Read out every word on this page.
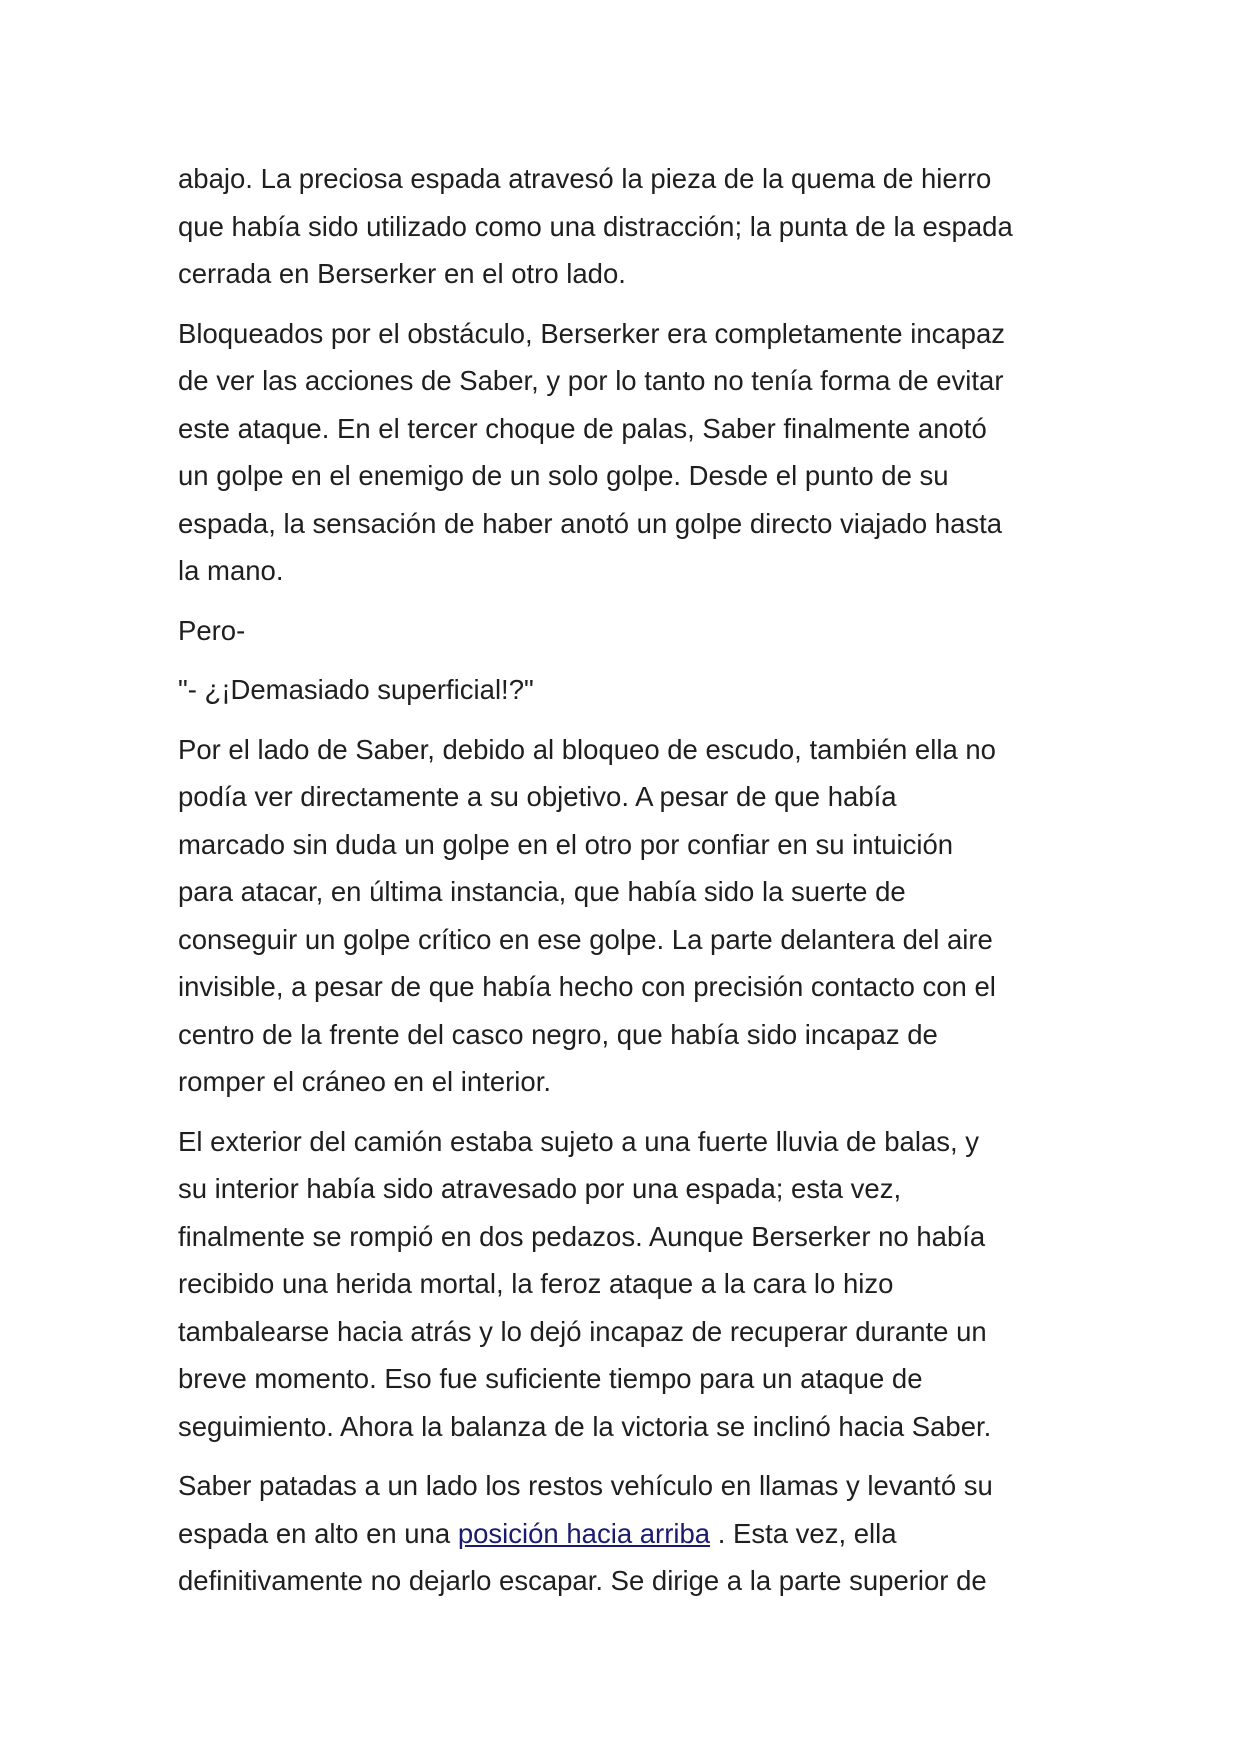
abajo. La preciosa espada atravesó la pieza de la quema de hierro
que había sido utilizado como una distracción; la punta de la espada
cerrada en Berserker en el otro lado.

Bloqueados por el obstáculo, Berserker era completamente incapaz
de ver las acciones de Saber, y por lo tanto no tenía forma de evitar
este ataque. En el tercer choque de palas, Saber finalmente anotó
un golpe en el enemigo de un solo golpe. Desde el punto de su
espada, la sensación de haber anotó un golpe directo viajado hasta
la mano.

Pero-

"- ¿¡Demasiado superficial!?"

Por el lado de Saber, debido al bloqueo de escudo, también ella no
podía ver directamente a su objetivo. A pesar de que había
marcado sin duda un golpe en el otro por confiar en su intuición
para atacar, en última instancia, que había sido la suerte de
conseguir un golpe crítico en ese golpe. La parte delantera del aire
invisible, a pesar de que había hecho con precisión contacto con el
centro de la frente del casco negro, que había sido incapaz de
romper el cráneo en el interior.

El exterior del camión estaba sujeto a una fuerte lluvia de balas, y
su interior había sido atravesado por una espada; esta vez,
finalmente se rompió en dos pedazos. Aunque Berserker no había
recibido una herida mortal, la feroz ataque a la cara lo hizo
tambalearse hacia atrás y lo dejó incapaz de recuperar durante un
breve momento. Eso fue suficiente tiempo para un ataque de
seguimiento. Ahora la balanza de la victoria se inclinó hacia Saber.

Saber patadas a un lado los restos vehículo en llamas y levantó su
espada en alto en una posición hacia arriba . Esta vez, ella
definitivamente no dejarlo escapar. Se dirige a la parte superior de
